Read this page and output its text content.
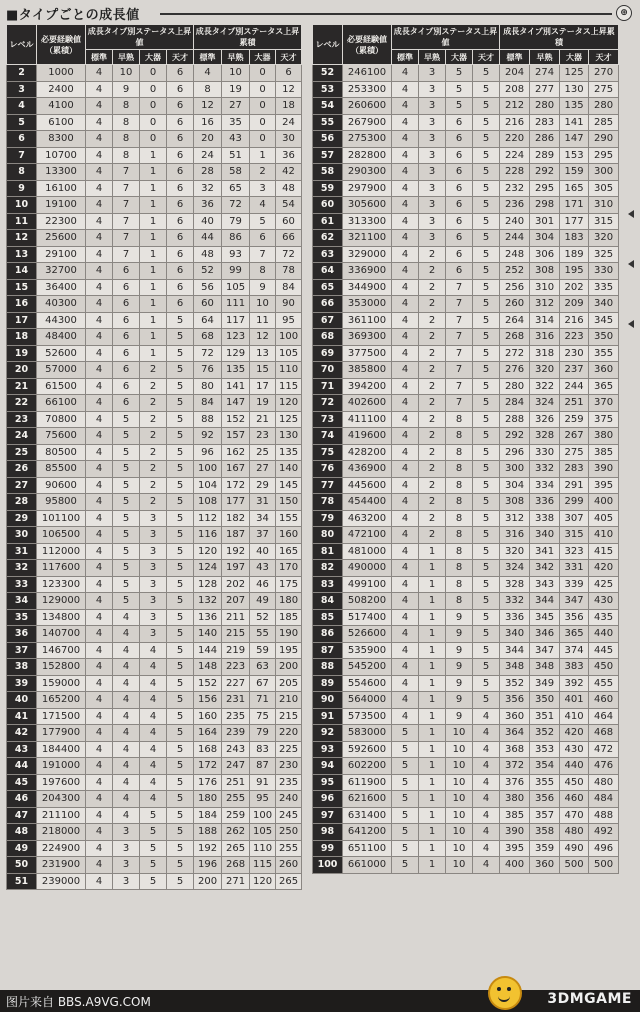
■タイプごとの成長値	⊕
レベル	必要経験値（累積）	成長タイプ別ステータス上昇値				成長タイプ別ステータス上昇累積			
		標準	早熟	大器	天才	標準	早熟	大器	天才
2	1000	4	10	0	6	4	10	0	6
3	2400	4	9	0	6	8	19	0	12
4	4100	4	8	0	6	12	27	0	18
5	6100	4	8	0	6	16	35	0	24
6	8300	4	8	0	6	20	43	0	30
7	10700	4	8	1	6	24	51	1	36
8	13300	4	7	1	6	28	58	2	42
9	16100	4	7	1	6	32	65	3	48
10	19100	4	7	1	6	36	72	4	54
11	22300	4	7	1	6	40	79	5	60
12	25600	4	7	1	6	44	86	6	66
13	29100	4	7	1	6	48	93	7	72
14	32700	4	6	1	6	52	99	8	78
15	36400	4	6	1	6	56	105	9	84
16	40300	4	6	1	6	60	111	10	90
17	44300	4	6	1	5	64	117	11	95
18	48400	4	6	1	5	68	123	12	100
19	52600	4	6	1	5	72	129	13	105
20	57000	4	6	2	5	76	135	15	110
21	61500	4	6	2	5	80	141	17	115
22	66100	4	6	2	5	84	147	19	120
23	70800	4	5	2	5	88	152	21	125
24	75600	4	5	2	5	92	157	23	130
25	80500	4	5	2	5	96	162	25	135
26	85500	4	5	2	5	100	167	27	140
27	90600	4	5	2	5	104	172	29	145
28	95800	4	5	2	5	108	177	31	150
29	101100	4	5	3	5	112	182	34	155
30	106500	4	5	3	5	116	187	37	160
31	112000	4	5	3	5	120	192	40	165
32	117600	4	5	3	5	124	197	43	170
33	123300	4	5	3	5	128	202	46	175
34	129000	4	5	3	5	132	207	49	180
35	134800	4	4	3	5	136	211	52	185
36	140700	4	4	3	5	140	215	55	190
37	146700	4	4	4	5	144	219	59	195
38	152800	4	4	4	5	148	223	63	200
39	159000	4	4	4	5	152	227	67	205
40	165200	4	4	4	5	156	231	71	210
41	171500	4	4	4	5	160	235	75	215
42	177900	4	4	4	5	164	239	79	220
43	184400	4	4	4	5	168	243	83	225
44	191000	4	4	4	5	172	247	87	230
45	197600	4	4	4	5	176	251	91	235
46	204300	4	4	4	5	180	255	95	240
47	211100	4	4	5	5	184	259	100	245
48	218000	4	3	5	5	188	262	105	250
49	224900	4	3	5	5	192	265	110	255
50	231900	4	3	5	5	196	268	115	260
51	239000	4	3	5	5	200	271	120	265
レベル	必要経験値（累積）	成長タイプ別ステータス上昇値				成長タイプ別ステータス上昇累積			
		標準	早熟	大器	天才	標準	早熟	大器	天才
52	246100	4	3	5	5	204	274	125	270
53	253300	4	3	5	5	208	277	130	275
54	260600	4	3	5	5	212	280	135	280
55	267900	4	3	6	5	216	283	141	285
56	275300	4	3	6	5	220	286	147	290
57	282800	4	3	6	5	224	289	153	295
58	290300	4	3	6	5	228	292	159	300
59	297900	4	3	6	5	232	295	165	305
60	305600	4	3	6	5	236	298	171	310
61	313300	4	3	6	5	240	301	177	315
62	321100	4	3	6	5	244	304	183	320
63	329000	4	2	6	5	248	306	189	325
64	336900	4	2	6	5	252	308	195	330
65	344900	4	2	7	5	256	310	202	335
66	353000	4	2	7	5	260	312	209	340
67	361100	4	2	7	5	264	314	216	345
68	369300	4	2	7	5	268	316	223	350
69	377500	4	2	7	5	272	318	230	355
70	385800	4	2	7	5	276	320	237	360
71	394200	4	2	7	5	280	322	244	365
72	402600	4	2	7	5	284	324	251	370
73	411100	4	2	8	5	288	326	259	375
74	419600	4	2	8	5	292	328	267	380
75	428200	4	2	8	5	296	330	275	385
76	436900	4	2	8	5	300	332	283	390
77	445600	4	2	8	5	304	334	291	395
78	454400	4	2	8	5	308	336	299	400
79	463200	4	2	8	5	312	338	307	405
80	472100	4	2	8	5	316	340	315	410
81	481000	4	1	8	5	320	341	323	415
82	490000	4	1	8	5	324	342	331	420
83	499100	4	1	8	5	328	343	339	425
84	508200	4	1	8	5	332	344	347	430
85	517400	4	1	9	5	336	345	356	435
86	526600	4	1	9	5	340	346	365	440
87	535900	4	1	9	5	344	347	374	445
88	545200	4	1	9	5	348	348	383	450
89	554600	4	1	9	5	352	349	392	455
90	564000	4	1	9	5	356	350	401	460
91	573500	4	1	9	4	360	351	410	464
92	583000	5	1	10	4	364	352	420	468
93	592600	5	1	10	4	368	353	430	472
94	602200	5	1	10	4	372	354	440	476
95	611900	5	1	10	4	376	355	450	480
96	621600	5	1	10	4	380	356	460	484
97	631400	5	1	10	4	385	357	470	488
98	641200	5	1	10	4	390	358	480	492
99	651100	5	1	10	4	395	359	490	496
100	661000	5	1	10	4	400	360	500	500
图片来自 BBS.A9VG.COM	3DMGAME
